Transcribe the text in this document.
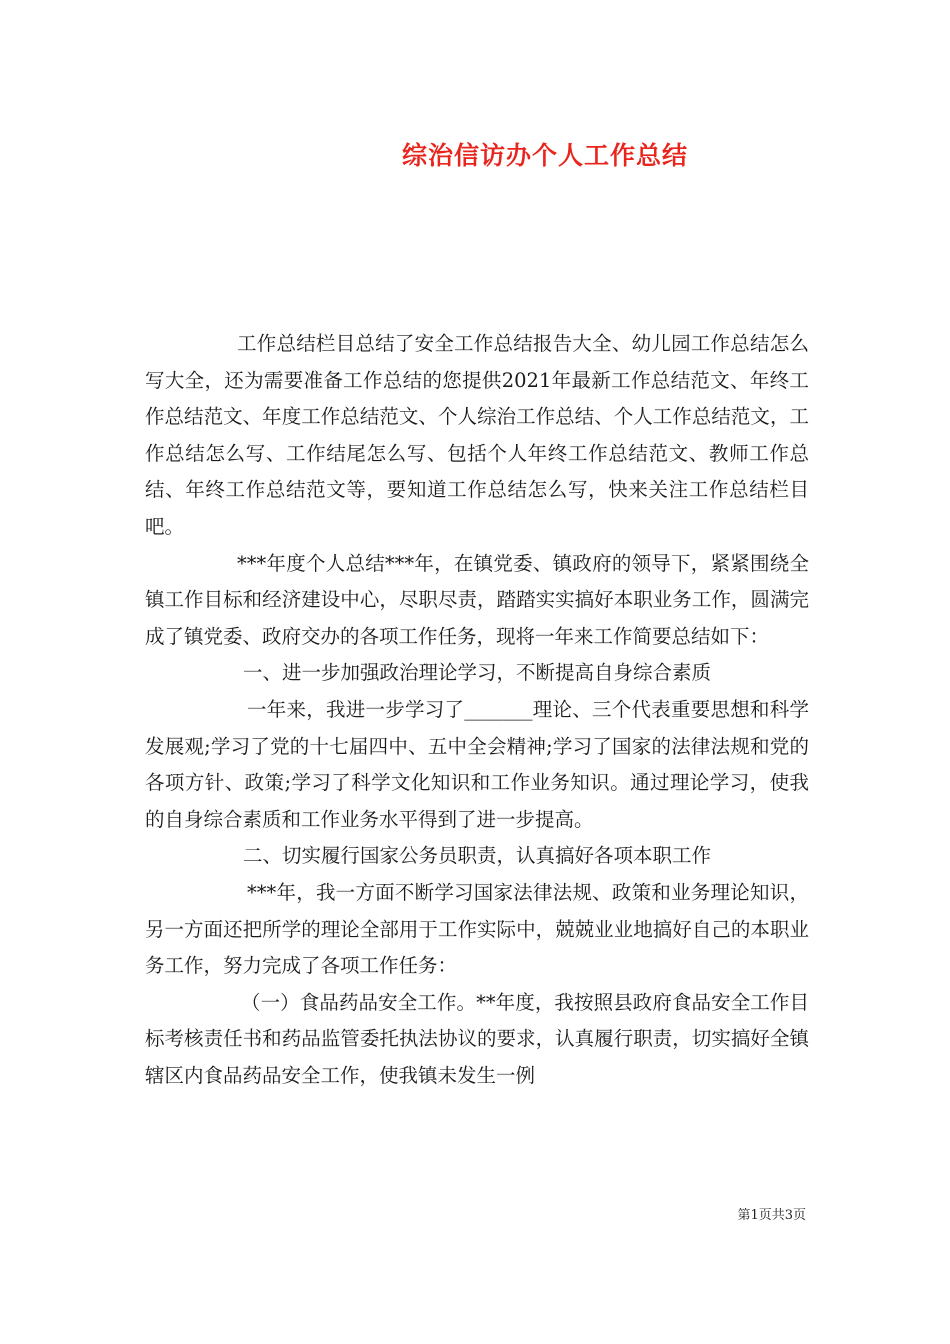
综治信访办个人工作总结

工作总结栏目总结了安全工作总结报告大全、幼儿园工作总结怎么写大全，还为需要准备工作总结的您提供2021年最新工作总结范文、年终工作总结范文、年度工作总结范文、个人综治工作总结、个人工作总结范文，工作总结怎么写、工作结尾怎么写、包括个人年终工作总结范文、教师工作总结、年终工作总结范文等，要知道工作总结怎么写，快来关注工作总结栏目吧。

***年度个人总结***年，在镇党委、镇政府的领导下，紧紧围绕全镇工作目标和经济建设中心，尽职尽责，踏踏实实搞好本职业务工作，圆满完成了镇党委、政府交办的各项工作任务，现将一年来工作简要总结如下：

一、进一步加强政治理论学习，不断提高自身综合素质

一年来，我进一步学习了_______理论、三个代表重要思想和科学发展观;学习了党的十七届四中、五中全会精神;学习了国家的法律法规和党的各项方针、政策;学习了科学文化知识和工作业务知识。通过理论学习，使我的自身综合素质和工作业务水平得到了进一步提高。

二、切实履行国家公务员职责，认真搞好各项本职工作

***年，我一方面不断学习国家法律法规、政策和业务理论知识，另一方面还把所学的理论全部用于工作实际中，兢兢业业地搞好自己的本职业务工作，努力完成了各项工作任务：

（一）食品药品安全工作。**年度，我按照县政府食品安全工作目标考核责任书和药品监管委托执法协议的要求，认真履行职责，切实搞好全镇辖区内食品药品安全工作，使我镇未发生一例

第1页共3页
